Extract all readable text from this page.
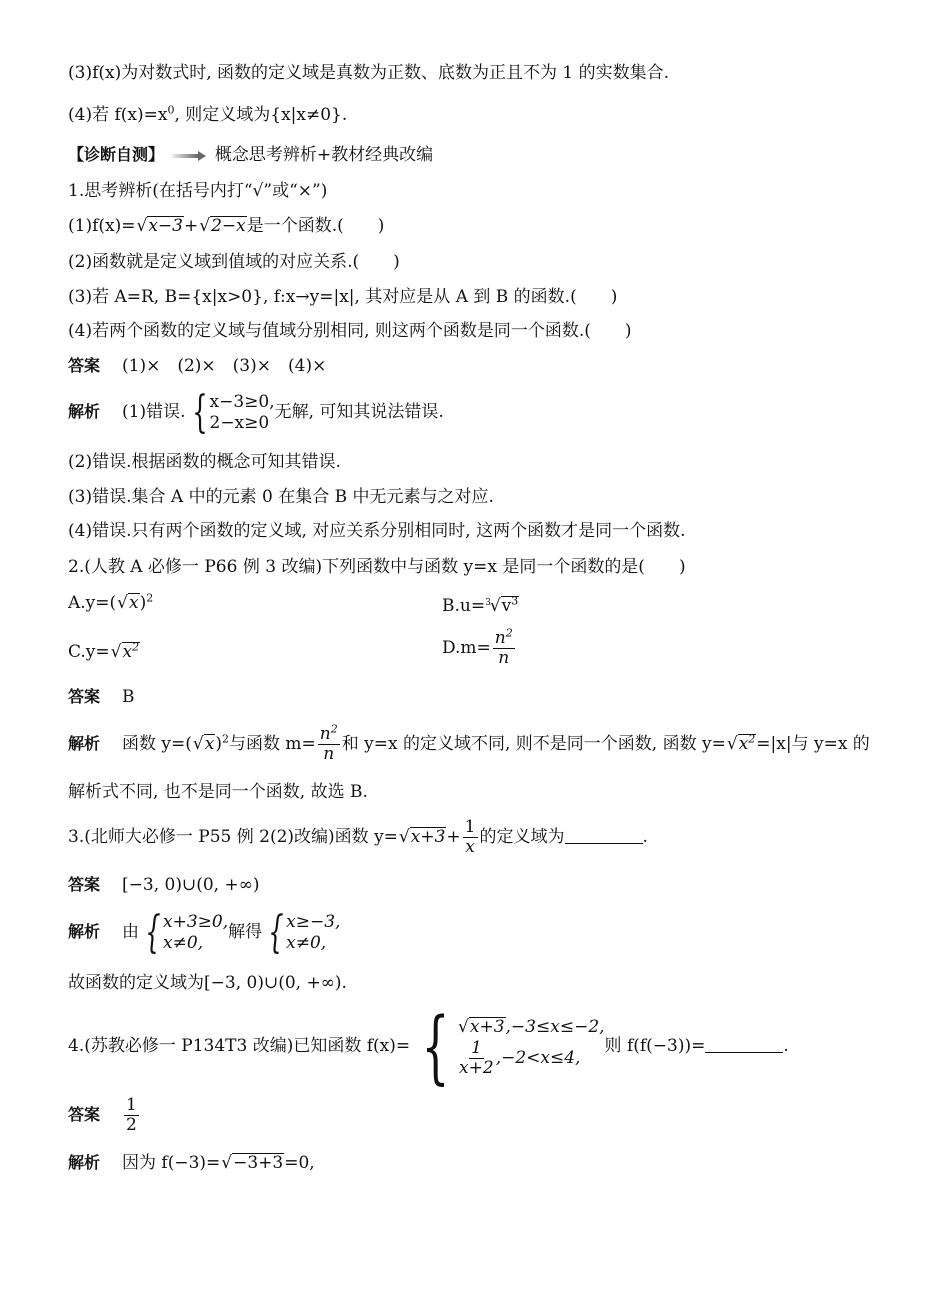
(3)f(x)为对数式时, 函数的定义域是真数为正数、底数为正且不为 1 的实数集合.
(4)若 $f(x)=x^0$, 则定义域为{x|x≠0}.
【诊断自测】	概念思考辨析+教材经典改编
1.思考辨析(在括号内打“√”或“×”)
(1)f(x)=√x−3+√2−x是一个函数.(　　)
(2)函数就是定义域到值域的对应关系.(　　)
(3)若 A=R, B={x|x>0}, f:x→y=|x|, 其对应是从 A 到 B 的函数.(　　)
(4)若两个函数的定义域与值域分别相同, 则这两个函数是同一个函数.(　　)
答案 (1)×　(2)×　(3)×　(4)×
解析 (1)错误. { x−3≥0,
2−x≥0
无解, 可知其说法错误.
(2)错误.根据函数的概念可知其错误.
(3)错误.集合 A 中的元素 0 在集合 B 中无元素与之对应.
(4)错误.只有两个函数的定义域, 对应关系分别相同时, 这两个函数才是同一个函数.
2.(人教 A 必修一 P66 例 3 改编)下列函数中与函数 y=x 是同一个函数的是(　　)
$A.y=(√x)^2$	$B.u=^3√v^3$
$C.y=√x^2$	$D.m= \frac{n^2}{n}$
答案 B
解析 函数 $y=(√x)^2$与函数 $m= \frac{n^2}{n}$ 和 y=x 的定义域不同, 则不是同一个函数, 函数 $y=√x^2=|x|$与 y=x 的
解析式不同, 也不是同一个函数, 故选 B.
3.(北师大必修一 P55 例 2(2)改编)函数 $y=√x+3+ \frac{1}{x}$ 的定义域为	.
答案 [−3, 0)∪(0, +∞)
解析 由 { x+3≥0,
x≠0,
解得 { x≥−3,
x≠0,
故函数的定义域为[−3, 0)∪(0, +∞).
4.(苏教必修一 P134T3 改编)已知函数 f(x)= { √x+3,−3≤x≤−2,
$\frac{1}{x+2} ,-2<x\le 4$,
则 f(f(−3))=	.
答案 $\frac{1}{2}$
解析 因为 f(−3)=√−3+3=0,
